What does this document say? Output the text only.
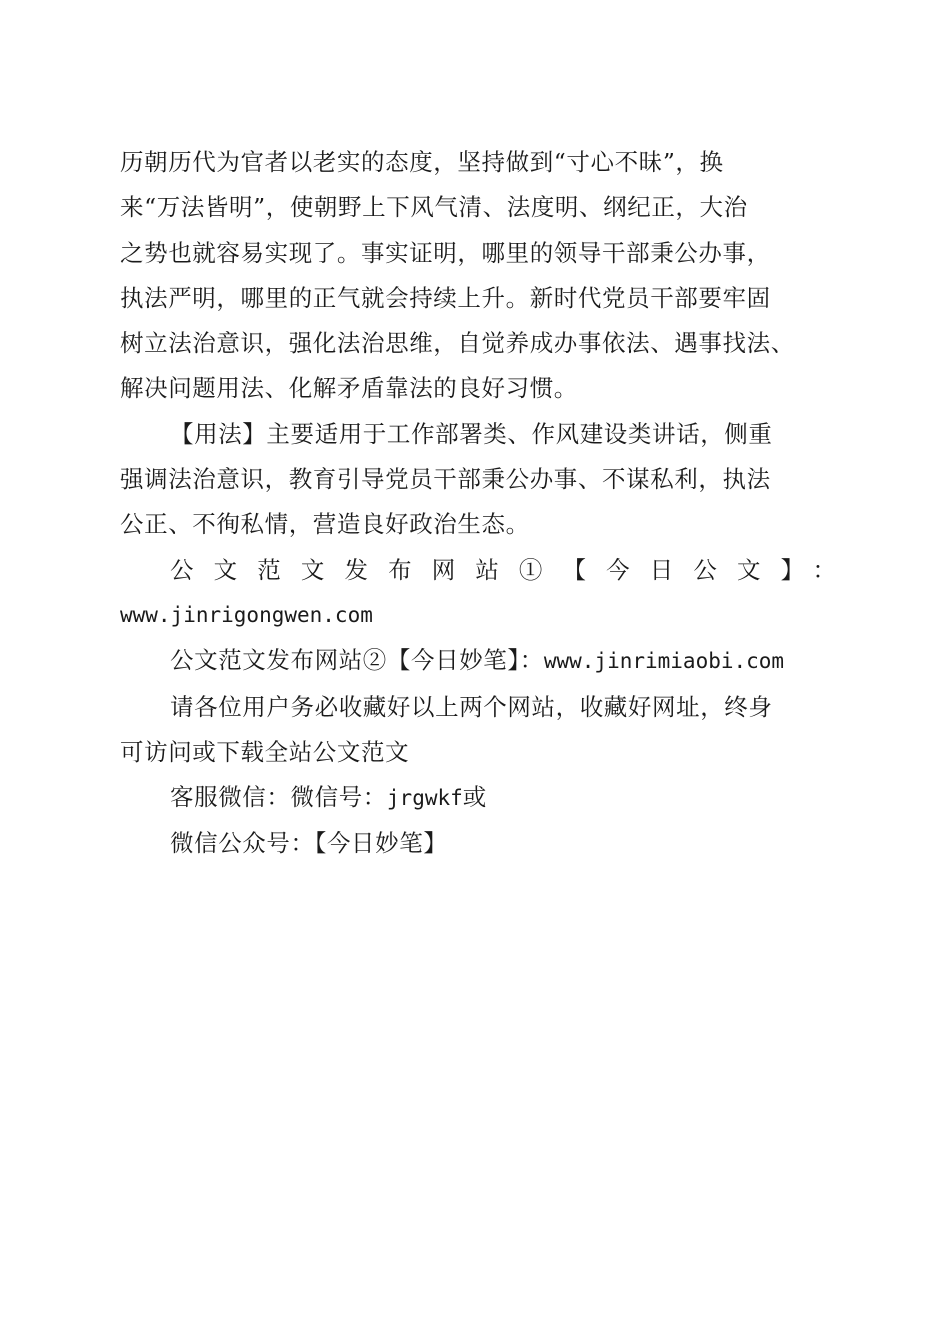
历朝历代为官者以老实的态度，坚持做到“寸心不昧”，换
来“万法皆明”，使朝野上下风气清、法度明、纲纪正，大治
之势也就容易实现了。事实证明，哪里的领导干部秉公办事，
执法严明，哪里的正气就会持续上升。新时代党员干部要牢固
树立法治意识，强化法治思维，自觉养成办事依法、遇事找法、
解决问题用法、化解矛盾靠法的良好习惯。

【用法】主要适用于工作部署类、作风建设类讲话，侧重
强调法治意识，教育引导党员干部秉公办事、不谋私利，执法
公正、不徇私情，营造良好政治生态。

公文范文发布网站①【今日公文】：
www.jinrigongwen.com

公文范文发布网站②【今日妙笔】：www.jinrimiaobi.com

请各位用户务必收藏好以上两个网站，收藏好网址，终身
可访问或下载全站公文范文

客服微信：微信号：jrgwkf或

微信公众号：【今日妙笔】
